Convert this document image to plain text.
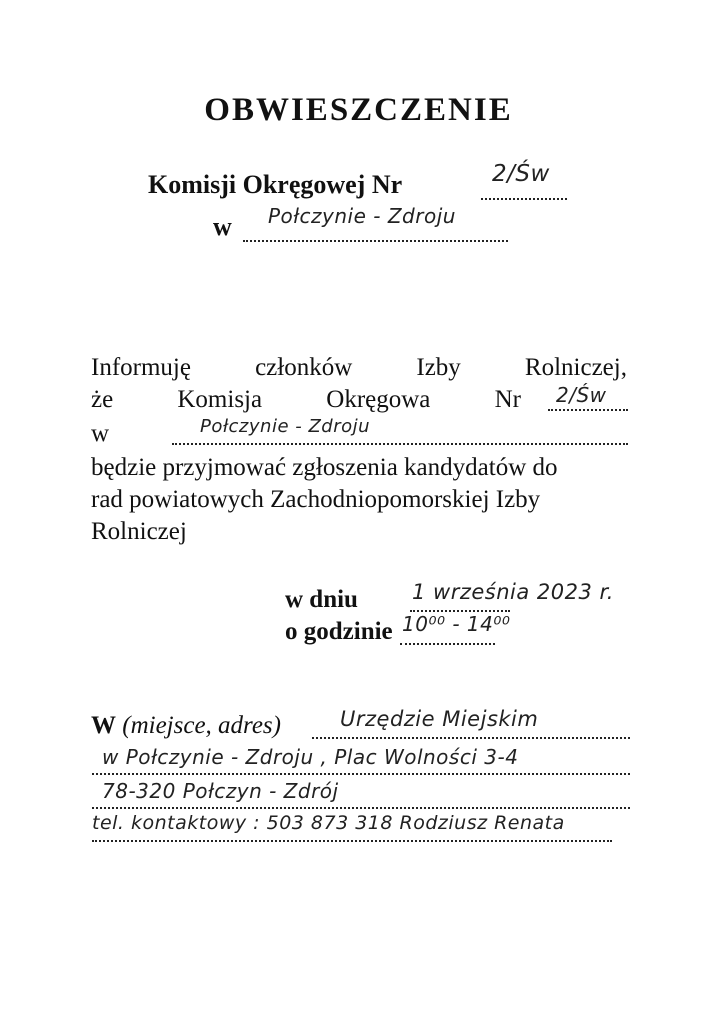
OBWIESZCZENIE
Komisji Okręgowej Nr	2/Św
w Połczynie - Zdroju
Informuję	członków	Izby	Rolniczej,
że	Komisja	Okręgowa	Nr 2/Św
w	Połczynie - Zdroju
będzie przyjmować zgłoszenia kandydatów do
rad powiatowych Zachodniopomorskiej Izby
Rolniczej
w dniu	1 września 2023 r.
o godzinie 10⁰⁰ - 14⁰⁰
W (miejsce, adres)	Urzędzie Miejskim
w Połczynie - Zdroju , Plac Wolności 3-4
78-320 Połczyn - Zdrój
tel. kontaktowy : 503 873 318 Rodziusz Renata
